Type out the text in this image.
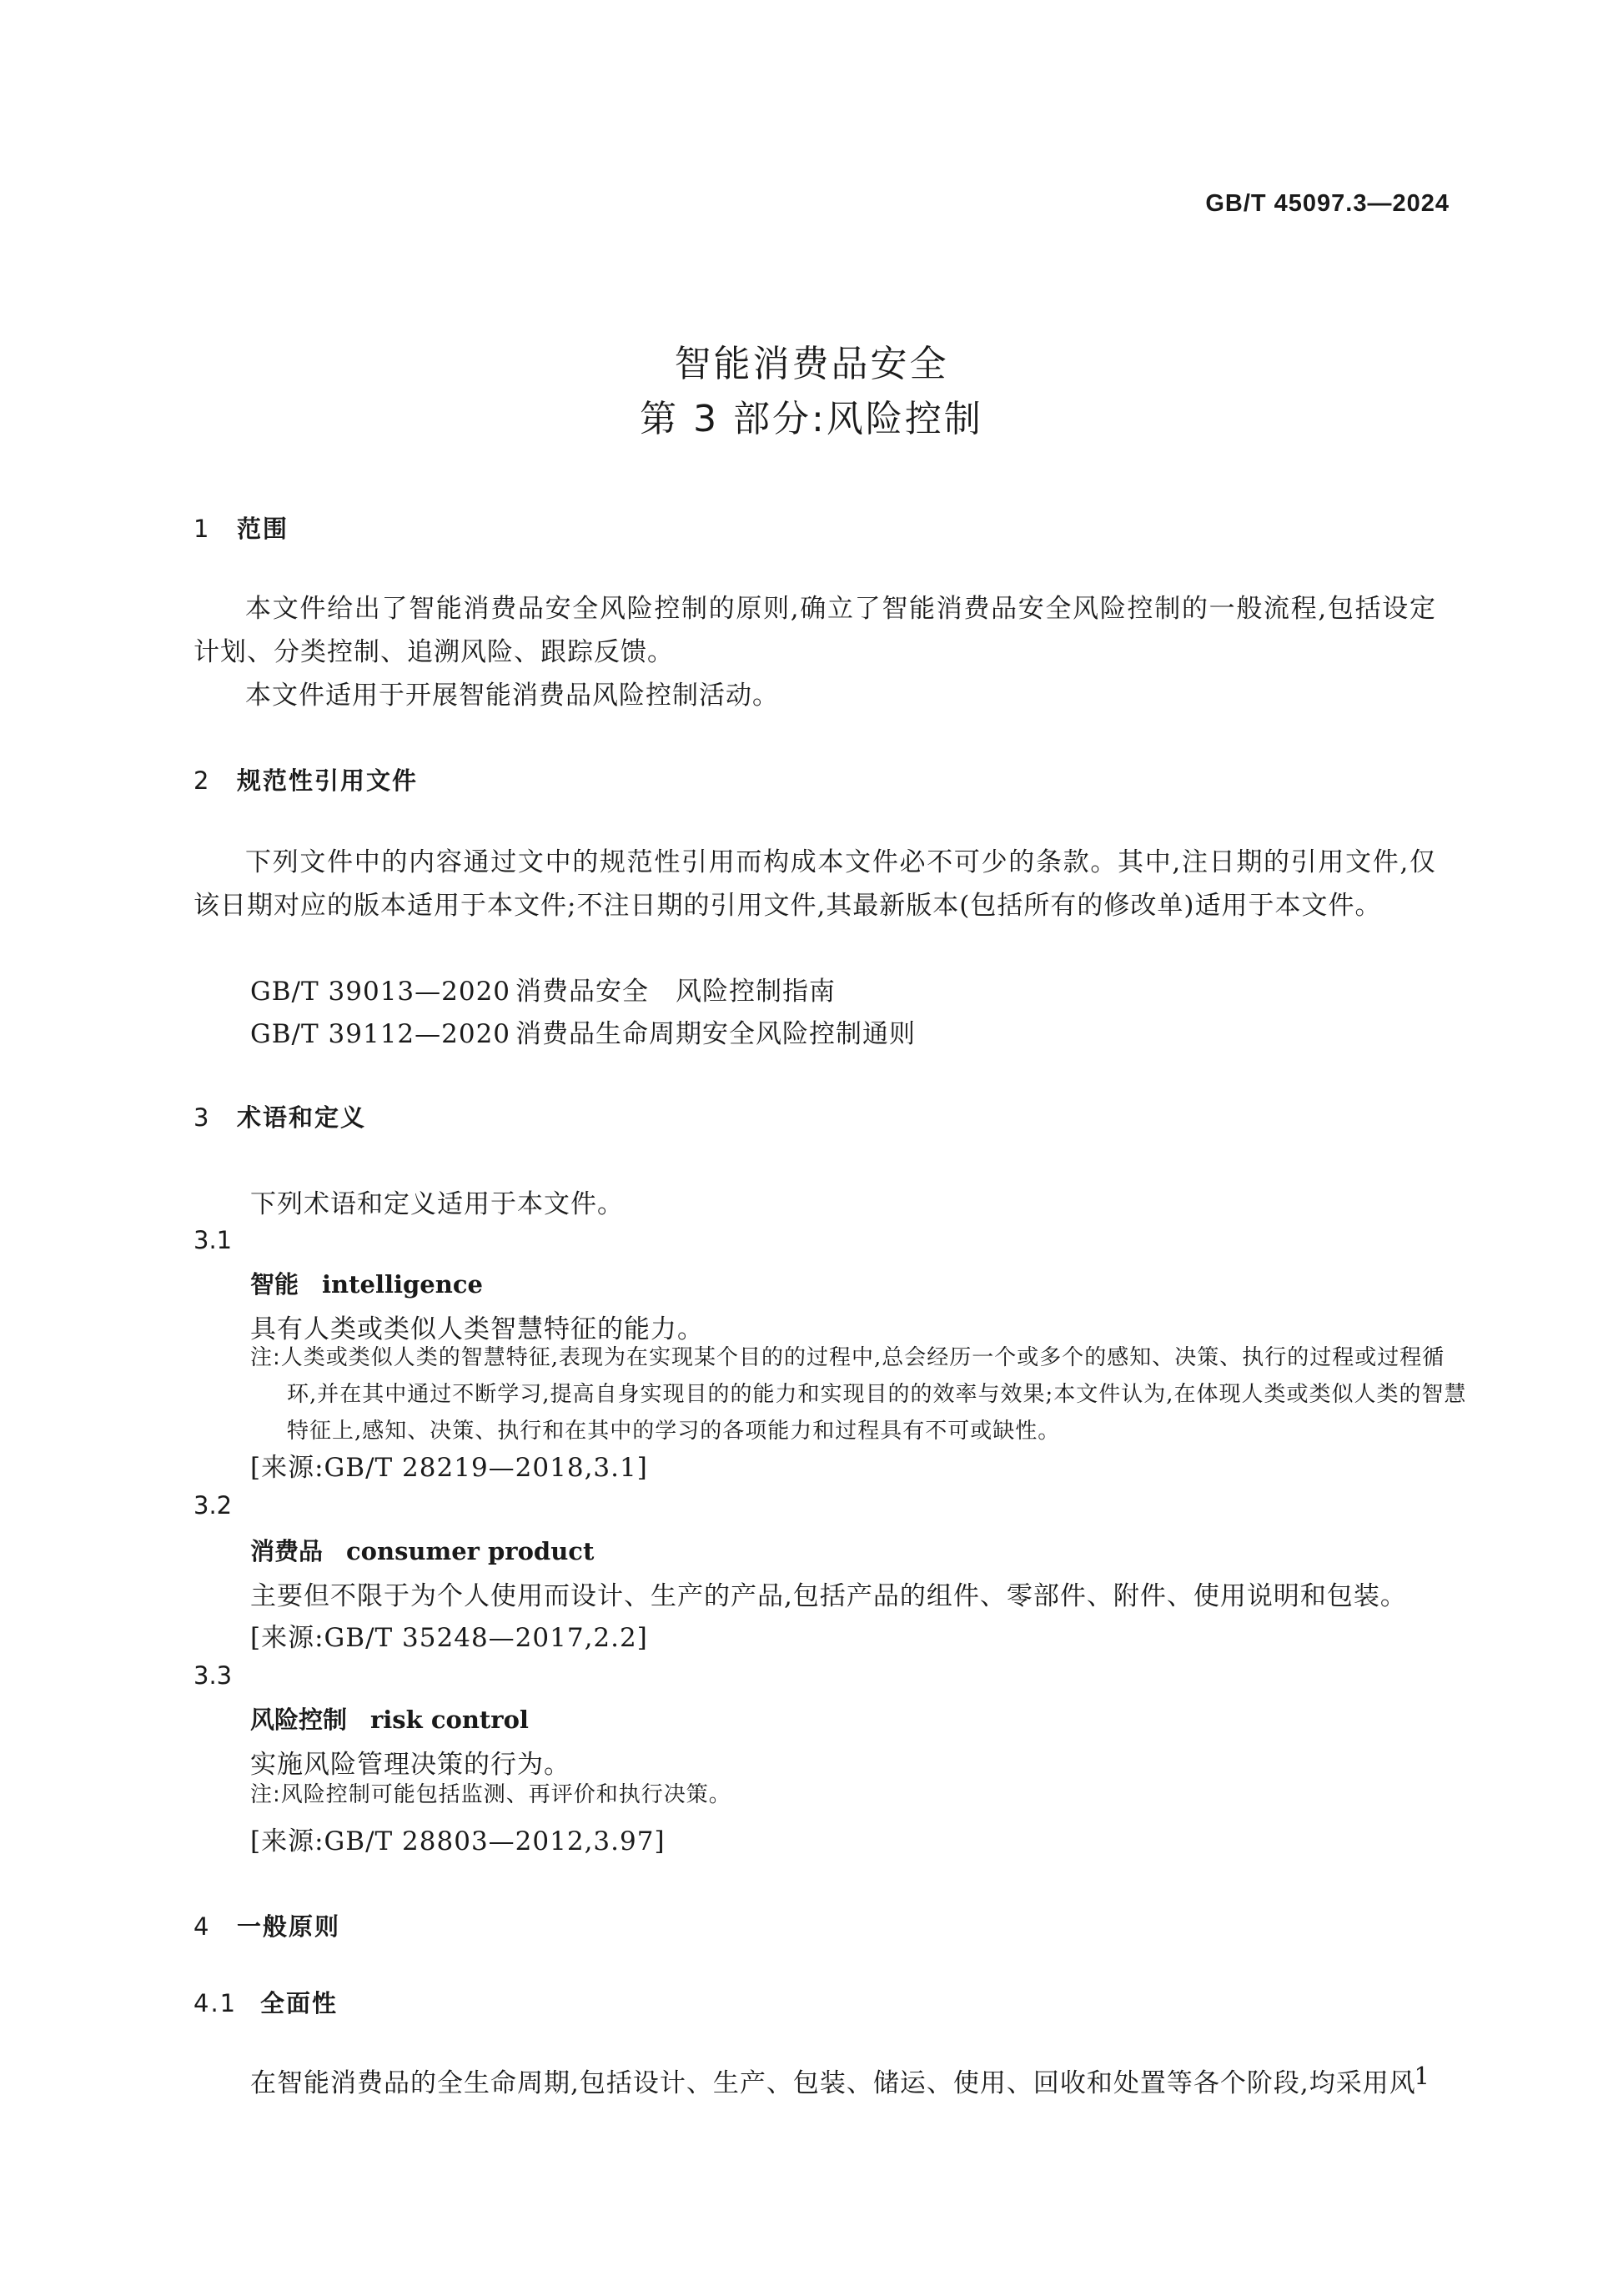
GB/T 45097.3—2024
智能消费品安全
第 3 部分:风险控制
1 范围
本文件给出了智能消费品安全风险控制的原则,确立了智能消费品安全风险控制的一般流程,包括设定计划、分类控制、追溯风险、跟踪反馈。
本文件适用于开展智能消费品风险控制活动。
2 规范性引用文件
下列文件中的内容通过文中的规范性引用而构成本文件必不可少的条款。其中,注日期的引用文件,仅该日期对应的版本适用于本文件;不注日期的引用文件,其最新版本(包括所有的修改单)适用于本文件。
GB/T 39013—2020 消费品安全　风险控制指南
GB/T 39112—2020 消费品生命周期安全风险控制通则
3 术语和定义
下列术语和定义适用于本文件。
3.1
智能 intelligence
具有人类或类似人类智慧特征的能力。
注:人类或类似人类的智慧特征,表现为在实现某个目的的过程中,总会经历一个或多个的感知、决策、执行的过程或过程循环,并在其中通过不断学习,提高自身实现目的的能力和实现目的的效率与效果;本文件认为,在体现人类或类似人类的智慧特征上,感知、决策、执行和在其中的学习的各项能力和过程具有不可或缺性。
[来源:GB/T 28219—2018,3.1]
3.2
消费品 consumer product
主要但不限于为个人使用而设计、生产的产品,包括产品的组件、零部件、附件、使用说明和包装。
[来源:GB/T 35248—2017,2.2]
3.3
风险控制 risk control
实施风险管理决策的行为。
注:风险控制可能包括监测、再评价和执行决策。
[来源:GB/T 28803—2012,3.97]
4 一般原则
4.1 全面性
在智能消费品的全生命周期,包括设计、生产、包装、储运、使用、回收和处置等各个阶段,均采用风
1
